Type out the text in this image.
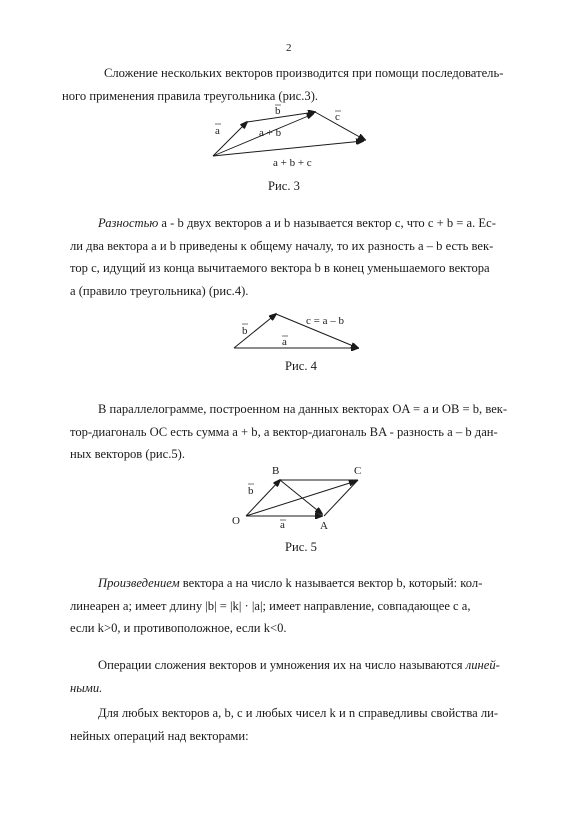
2

Сложение нескольких векторов производится при помощи последователь-
ного применения правила треугольника (рис.3).

a
b	c
a + b
a + b + c
Рис. 3

Разностью a - b двух векторов a и b называется вектор c, что c + b = a. Ес-
ли два вектора a и b приведены к общему началу, то их разность a – b есть век-
тор c, идущий из конца вычитаемого вектора b в конец уменьшаемого вектора
a (правило треугольника) (рис.4).

b
a
c = a – b
Рис. 4

В параллелограмме, построенном на данных векторах OA = a и OB = b, век-
тор-диагональ OC есть сумма a + b, а вектор-диагональ BA - разность a – b дан-
ных векторов (рис.5).

O	A
B	C
a
b
Рис. 5

Произведением вектора a на число k называется вектор b, который: кол-
линеарен a; имеет длину |b| = |k| · |a|; имеет направление, совпадающее с a,
если k>0, и противоположное, если k<0.

Операции сложения векторов и умножения их на число называются линей-
ными.

Для любых векторов a, b, c и любых чисел k и n справедливы свойства ли-
нейных операций над векторами:
